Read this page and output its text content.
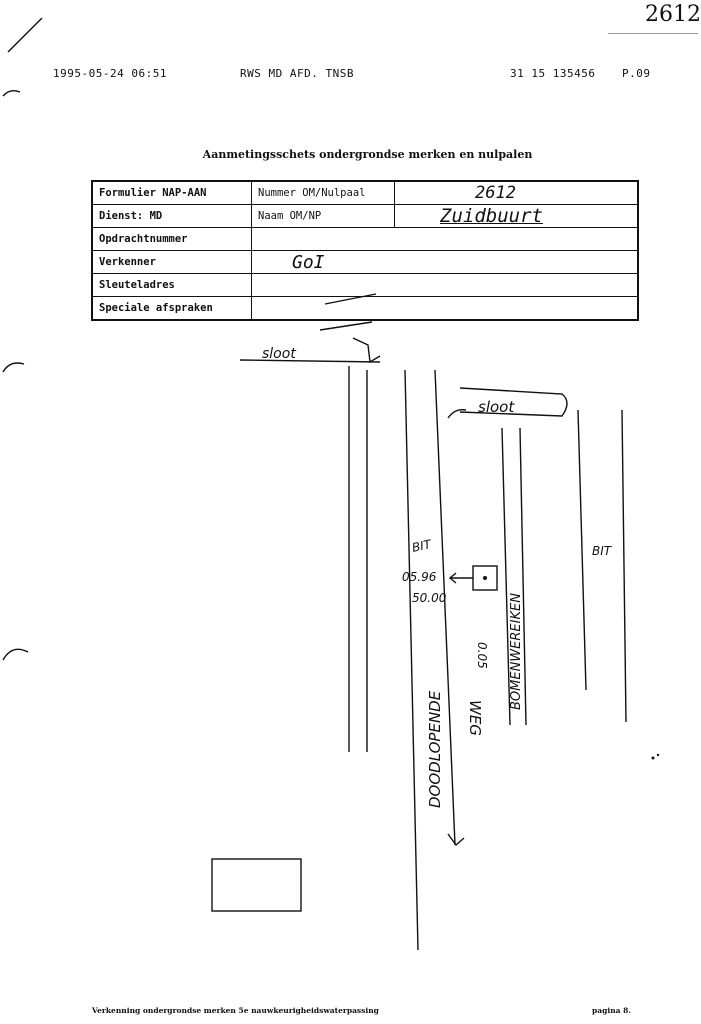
2612
1995-05-24 06:51	RWS MD AFD. TNSB	31 15 135456 P.09
Aanmetingsschets ondergrondse merken en nulpalen
Formulier NAP-AAN	Nummer OM/Nulpaal	2612
Dienst: MD	Naam OM/NP	Zuidbuurt
Opdrachtnummer		
Verkenner	GoI	
Sleuteladres		
Speciale afspraken		
sloot
sloot
BIT	BIT
05.96
50.00
0.05
DOODLOPENDE WEG
BOMENWEREIKEN
Verkenning ondergrondse merken 5e nauwkeurigheidswaterpassing	pagina 8.
